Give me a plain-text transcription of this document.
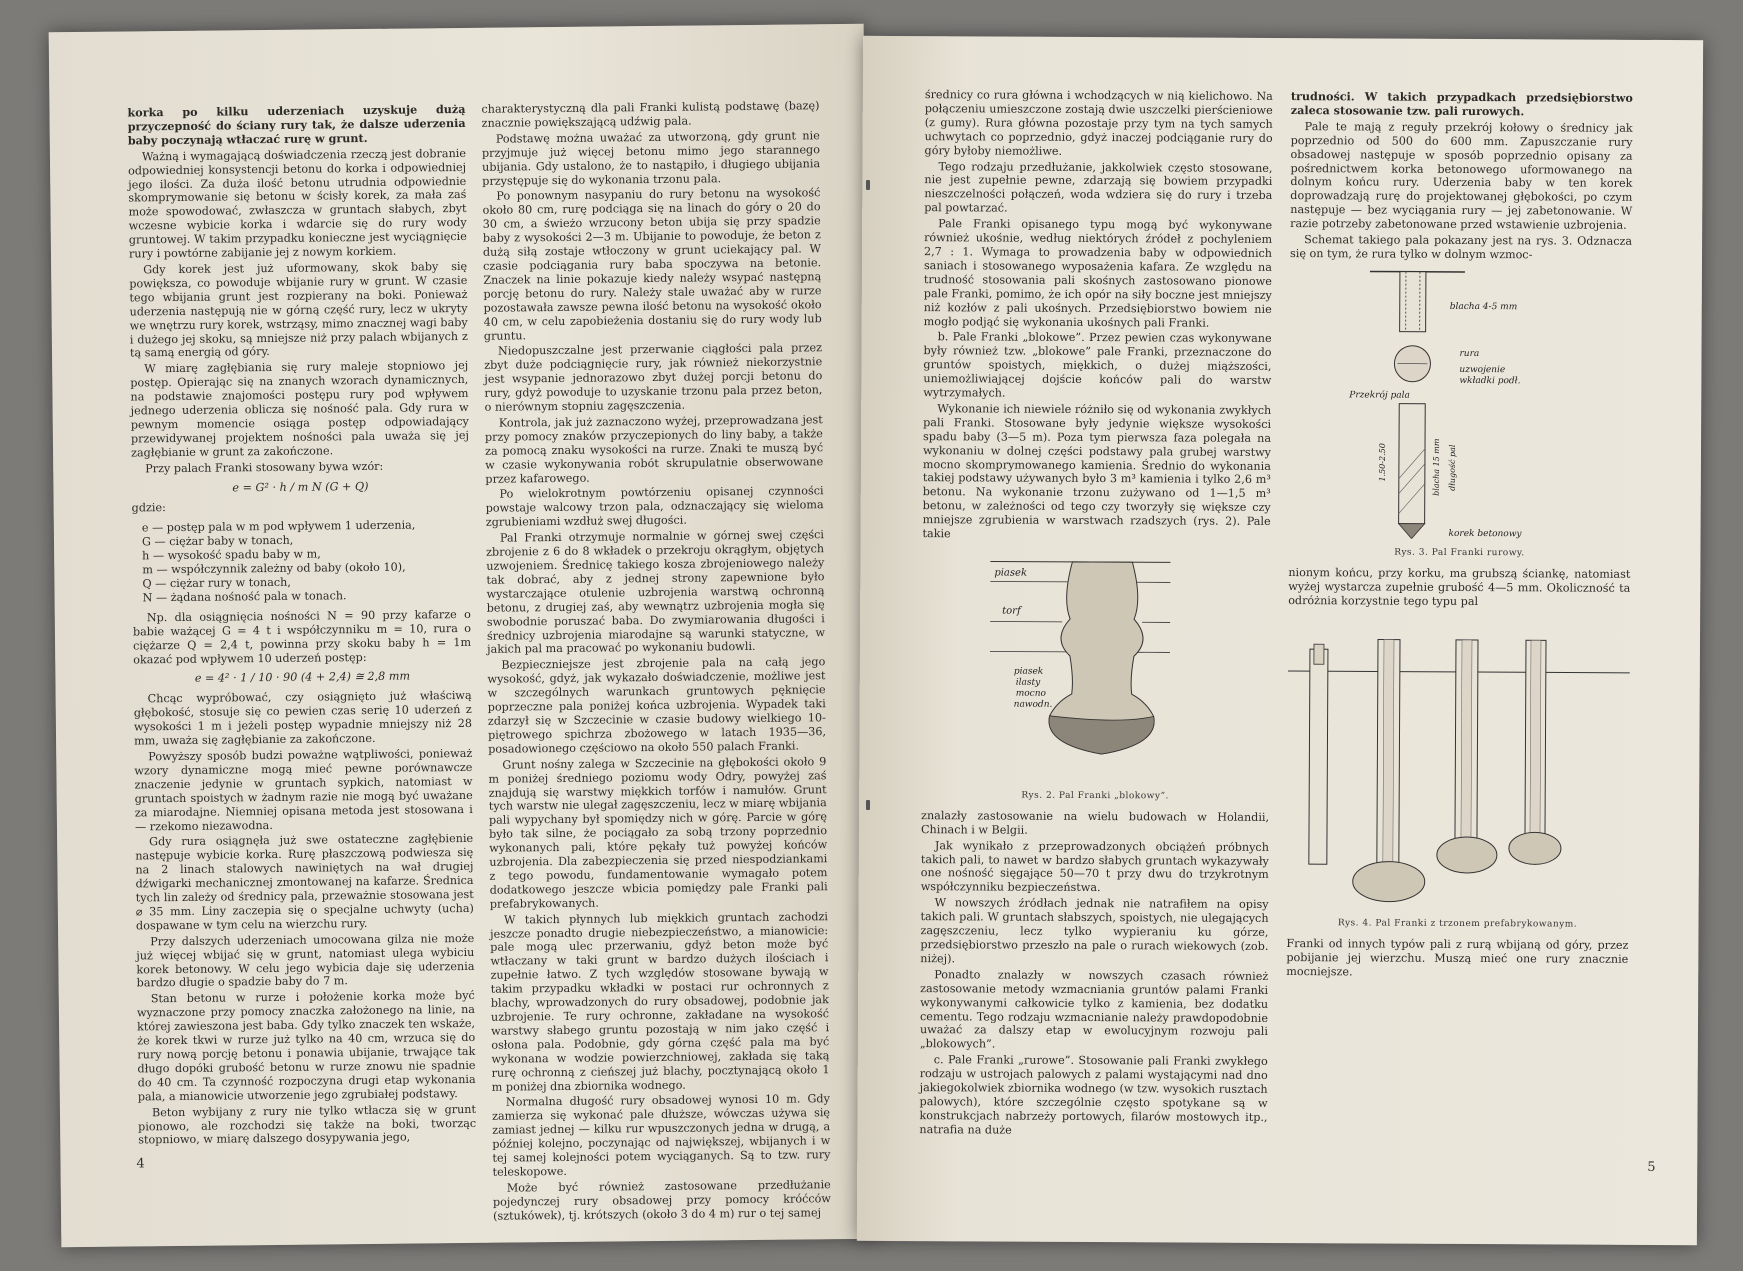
korka po kilku uderzeniach uzyskuje dużą przyczepność do ściany rury tak, że dalsze uderzenia baby poczynają wtłaczać rurę w grunt.

Ważną i wymagającą doświadczenia rzeczą jest dobranie odpowiedniej konsystencji betonu do korka i odpowiedniej jego ilości. Za duża ilość betonu utrudnia odpowiednie skomprymowanie się betonu w ścisły korek, za mała zaś może spowodować, zwłaszcza w gruntach słabych, zbyt wczesne wybicie korka i wdarcie się do rury wody gruntowej. W takim przypadku konieczne jest wyciągnięcie rury i powtórne zabijanie jej z nowym korkiem.

Gdy korek jest już uformowany, skok baby się powiększa, co powoduje wbijanie rury w grunt. W czasie tego wbijania grunt jest rozpierany na boki. Ponieważ uderzenia następują nie w górną część rury, lecz w ukryty we wnętrzu rury korek, wstrząsy, mimo znacznej wagi baby i dużego jej skoku, są mniejsze niż przy palach wbijanych z tą samą energią od góry.

W miarę zagłębiania się rury maleje stopniowo jej postęp. Opierając się na znanych wzorach dynamicznych, na podstawie znajomości postępu rury pod wpływem jednego uderzenia oblicza się nośność pala. Gdy rura w pewnym momencie osiąga postęp odpowiadający przewidywanej projektem nośności pala uważa się jej zagłębianie w grunt za zakończone.

Przy palach Franki stosowany bywa wzór:

e = G² · h / m N (G + Q)

gdzie:

e — postęp pala w m pod wpływem 1 uderzenia,
G — ciężar baby w tonach,
h — wysokość spadu baby w m,
m — współczynnik zależny od baby (około 10),
Q — ciężar rury w tonach,
N — żądana nośność pala w tonach.

Np. dla osiągnięcia nośności N = 90 przy kafarze o babie ważącej G = 4 t i współczynniku m = 10, rura o ciężarze Q = 2,4 t, powinna przy skoku baby h = 1m okazać pod wpływem 10 uderzeń postęp:

e = 4² · 1 / 10 · 90 (4 + 2,4) ≅ 2,8 mm

Chcąc wypróbować, czy osiągnięto już właściwą głębokość, stosuje się co pewien czas serię 10 uderzeń z wysokości 1 m i jeżeli postęp wypadnie mniejszy niż 28 mm, uważa się zagłębianie za zakończone.

Powyższy sposób budzi poważne wątpliwości, ponieważ wzory dynamiczne mogą mieć pewne porównawcze znaczenie jedynie w gruntach sypkich, natomiast w gruntach spoistych w żadnym razie nie mogą być uważane za miarodajne. Niemniej opisana metoda jest stosowana i — rzekomo niezawodna.

Gdy rura osiągnęła już swe ostateczne zagłębienie następuje wybicie korka. Rurę płaszczową podwiesza się na 2 linach stalowych nawiniętych na wał drugiej dźwigarki mechanicznej zmontowanej na kafarze. Średnica tych lin zależy od średnicy pala, przeważnie stosowana jest ⌀ 35 mm. Liny zaczepia się o specjalne uchwyty (ucha) dospawane w tym celu na wierzchu rury.

Przy dalszych uderzeniach umocowana gilza nie może już więcej wbijać się w grunt, natomiast ulega wybiciu korek betonowy. W celu jego wybicia daje się uderzenia bardzo długie o spadzie baby do 7 m.

Stan betonu w rurze i położenie korka może być wyznaczone przy pomocy znaczka założonego na linie, na której zawieszona jest baba. Gdy tylko znaczek ten wskaże, że korek tkwi w rurze już tylko na 40 cm, wrzuca się do rury nową porcję betonu i ponawia ubijanie, trwające tak długo dopóki grubość betonu w rurze znowu nie spadnie do 40 cm. Ta czynność rozpoczyna drugi etap wykonania pala, a mianowicie utworzenie jego zgrubiałej podstawy.

Beton wybijany z rury nie tylko wtłacza się w grunt pionowo, ale rozchodzi się także na boki, tworząc stopniowo, w miarę dalszego dosypywania jego,

charakterystyczną dla pali Franki kulistą podstawę (bazę) znacznie powiększającą udźwig pala.

Podstawę można uważać za utworzoną, gdy grunt nie przyjmuje już więcej betonu mimo jego starannego ubijania. Gdy ustalono, że to nastąpiło, i długiego ubijania przystępuje się do wykonania trzonu pala.

Po ponownym nasypaniu do rury betonu na wysokość około 80 cm, rurę podciąga się na linach do góry o 20 do 30 cm, a świeżo wrzucony beton ubija się przy spadzie baby z wysokości 2—3 m. Ubijanie to powoduje, że beton z dużą siłą zostaje wtłoczony w grunt uciekający pal. W czasie podciągania rury baba spoczywa na betonie. Znaczek na linie pokazuje kiedy należy wsypać następną porcję betonu do rury. Należy stale uważać aby w rurze pozostawała zawsze pewna ilość betonu na wysokość około 40 cm, w celu zapobieżenia dostaniu się do rury wody lub gruntu.

Niedopuszczalne jest przerwanie ciągłości pala przez zbyt duże podciągnięcie rury, jak również niekorzystnie jest wsypanie jednorazowo zbyt dużej porcji betonu do rury, gdyż powoduje to uzyskanie trzonu pala przez beton, o nierównym stopniu zagęszczenia.

Kontrola, jak już zaznaczono wyżej, przeprowadzana jest przy pomocy znaków przyczepionych do liny baby, a także za pomocą znaku wysokości na rurze. Znaki te muszą być w czasie wykonywania robót skrupulatnie obserwowane przez kafarowego.

Po wielokrotnym powtórzeniu opisanej czynności powstaje walcowy trzon pala, odznaczający się wieloma zgrubieniami wzdłuż swej długości.

Pal Franki otrzymuje normalnie w górnej swej części zbrojenie z 6 do 8 wkładek o przekroju okrągłym, objętych uzwojeniem. Średnicę takiego kosza zbrojeniowego należy tak dobrać, aby z jednej strony zapewnione było wystarczające otulenie uzbrojenia warstwą ochronną betonu, z drugiej zaś, aby wewnątrz uzbrojenia mogła się swobodnie poruszać baba. Do zwymiarowania długości i średnicy uzbrojenia miarodajne są warunki statyczne, w jakich pal ma pracować po wykonaniu budowli.

Bezpieczniejsze jest zbrojenie pala na całą jego wysokość, gdyż, jak wykazało doświadczenie, możliwe jest w szczególnych warunkach gruntowych pęknięcie poprzeczne pala poniżej końca uzbrojenia. Wypadek taki zdarzył się w Szczecinie w czasie budowy wielkiego 10-piętrowego spichrza zbożowego w latach 1935—36, posadowionego częściowo na około 550 palach Franki.

Grunt nośny zalega w Szczecinie na głębokości około 9 m poniżej średniego poziomu wody Odry, powyżej zaś znajdują się warstwy miękkich torfów i namułów. Grunt tych warstw nie ulegał zagęszczeniu, lecz w miarę wbijania pali wypychany był spomiędzy nich w górę. Parcie w górę było tak silne, że pociągało za sobą trzony poprzednio wykonanych pali, które pękały tuż powyżej końców uzbrojenia. Dla zabezpieczenia się przed niespodziankami z tego powodu, fundamentowanie wymagało potem dodatkowego jeszcze wbicia pomiędzy pale Franki pali prefabrykowanych.

W takich płynnych lub miękkich gruntach zachodzi jeszcze ponadto drugie niebezpieczeństwo, a mianowicie: pale mogą ulec przerwaniu, gdyż beton może być wtłaczany w taki grunt w bardzo dużych ilościach i zupełnie łatwo. Z tych względów stosowane bywają w takim przypadku wkładki w postaci rur ochronnych z blachy, wprowadzonych do rury obsadowej, podobnie jak uzbrojenie. Te rury ochronne, zakładane na wysokość warstwy słabego gruntu pozostają w nim jako część i osłona pala. Podobnie, gdy górna część pala ma być wykonana w wodzie powierzchniowej, zakłada się taką rurę ochronną z cieńszej już blachy, pocztynającą około 1 m poniżej dna zbiornika wodnego.

Normalna długość rury obsadowej wynosi 10 m. Gdy zamierza się wykonać pale dłuższe, wówczas używa się zamiast jednej — kilku rur wpuszczonych jedna w drugą, a później kolejno, poczynając od największej, wbijanych i w tej samej kolejności potem wyciąganych. Są to tzw. rury teleskopowe.

Może być również zastosowane przedłużanie pojedynczej rury obsadowej przy pomocy króćców (sztukówek), tj. krótszych (około 3 do 4 m) rur o tej samej

4

średnicy co rura główna i wchodzących w nią kielichowo. Na połączeniu umieszczone zostają dwie uszczelki pierścieniowe (z gumy). Rura główna pozostaje przy tym na tych samych uchwytach co poprzednio, gdyż inaczej podciąganie rury do góry byłoby niemożliwe.

Tego rodzaju przedłużanie, jakkolwiek często stosowane, nie jest zupełnie pewne, zdarzają się bowiem przypadki nieszczelności połączeń, woda wdziera się do rury i trzeba pal powtarzać.

Pale Franki opisanego typu mogą być wykonywane również ukośnie, według niektórych źródeł z pochyleniem 2,7 : 1. Wymaga to prowadzenia baby w odpowiednich saniach i stosowanego wyposażenia kafara. Ze względu na trudność stosowania pali skośnych zastosowano pionowe pale Franki, pomimo, że ich opór na siły boczne jest mniejszy niż kozłów z pali ukośnych. Przedsiębiorstwo bowiem nie mogło podjąć się wykonania ukośnych pali Franki.

b. Pale Franki „blokowe”. Przez pewien czas wykonywane były również tzw. „blokowe” pale Franki, przeznaczone do gruntów spoistych, miękkich, o dużej miąższości, uniemożliwiającej dojście końców pali do warstw wytrzymałych.

Wykonanie ich niewiele różniło się od wykonania zwykłych pali Franki. Stosowane były jedynie większe wysokości spadu baby (3—5 m). Poza tym pierwsza faza polegała na wykonaniu w dolnej części podstawy pala grubej warstwy mocno skomprymowanego kamienia. Średnio do wykonania takiej podstawy używanych było 3 m³ kamienia i tylko 2,6 m³ betonu. Na wykonanie trzonu zużywano od 1—1,5 m³ betonu, w zależności od tego czy tworzyły się większe czy mniejsze zgrubienia w warstwach rzadszych (rys. 2). Pale takie

piasek
torf
piasek
ilasty
mocno
nawodn.
Rys. 2. Pal Franki „blokowy”.

znalazły zastosowanie na wielu budowach w Holandii, Chinach i w Belgii.

Jak wynikało z przeprowadzonych obciążeń próbnych takich pali, to nawet w bardzo słabych gruntach wykazywały one nośność sięgające 50—70 t przy dwu do trzykrotnym współczynniku bezpieczeństwa.

W nowszych źródłach jednak nie natrafiłem na opisy takich pali. W gruntach słabszych, spoistych, nie ulegających zagęszczeniu, lecz tylko wypieraniu ku górze, przedsiębiorstwo przeszło na pale o rurach wiekowych (zob. niżej).

Ponadto znalazły w nowszych czasach również zastosowanie metody wzmacniania gruntów palami Franki wykonywanymi całkowicie tylko z kamienia, bez dodatku cementu. Tego rodzaju wzmacnianie należy prawdopodobnie uważać za dalszy etap w ewolucyjnym rozwoju pali „blokowych”.

c. Pale Franki „rurowe”. Stosowanie pali Franki zwykłego rodzaju w ustrojach palowych z palami wystającymi nad dno jakiegokolwiek zbiornika wodnego (w tzw. wysokich rusztach palowych), które szczególnie często spotykane są w konstrukcjach nabrzeży portowych, filarów mostowych itp., natrafia na duże

trudności. W takich przypadkach przedsiębiorstwo zaleca stosowanie tzw. pali rurowych.

Pale te mają z reguły przekrój kołowy o średnicy jak poprzednio od 500 do 600 mm. Zapuszczanie rury obsadowej następuje w sposób poprzednio opisany za pośrednictwem korka betonowego uformowanego na dolnym końcu rury. Uderzenia baby w ten korek doprowadzają rurę do projektowanej głębokości, po czym następuje — bez wyciągania rury — jej zabetonowanie. W razie potrzeby zabetonowane przed wstawienie uzbrojenia.

Schemat takiego pala pokazany jest na rys. 3. Odznacza się on tym, że rura tylko w dolnym wzmoc-

blacha 4-5 mm
rura
uzwojenie
wkładki podł.
Przekrój pala
1.50-2.50	blacha 15 mm długość pal
korek betonowy
Rys. 3. Pal Franki rurowy.

nionym końcu, przy korku, ma grubszą ściankę, natomiast wyżej wystarcza zupełnie grubość 4—5 mm. Okoliczność ta odróżnia korzystnie tego typu pal

Rys. 4. Pal Franki z trzonem prefabrykowanym.

Franki od innych typów pali z rurą wbijaną od góry, przez pobijanie jej wierzchu. Muszą mieć one rury znacznie mocniejsze.

5
